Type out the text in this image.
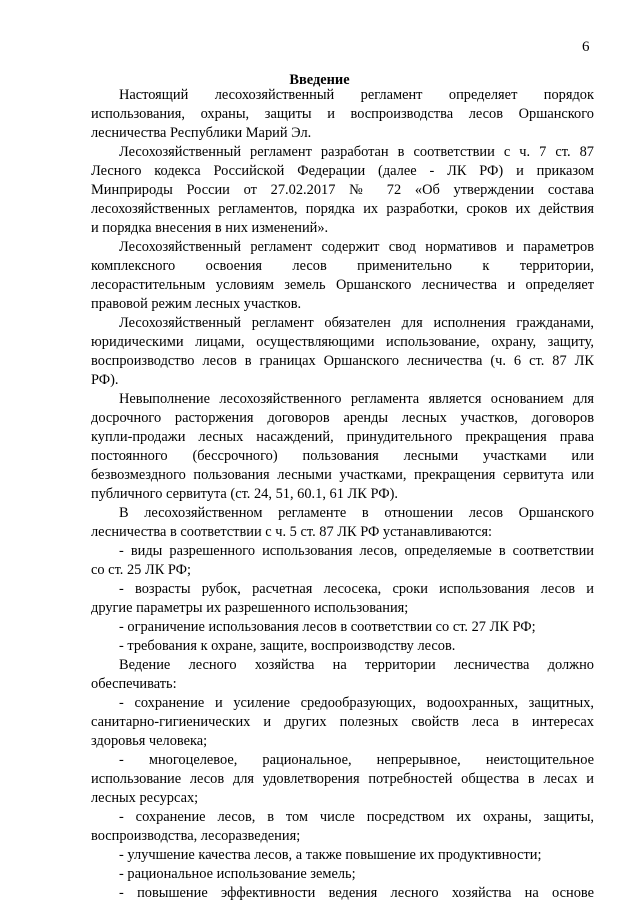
6
Введение
Настоящий лесохозяйственный регламент определяет порядок
использования, охраны, защиты и воспроизводства лесов Оршанского
лесничества Республики Марий Эл.
Лесохозяйственный регламент разработан в соответствии с ч. 7 ст. 87
Лесного кодекса Российской Федерации (далее - ЛК РФ) и приказом
Минприроды России от 27.02.2017 № 72 «Об утверждении состава
лесохозяйственных регламентов, порядка их разработки, сроков их действия
и порядка внесения в них изменений».
Лесохозяйственный регламент содержит свод нормативов и параметров
комплексного освоения лесов применительно к территории,
лесорастительным условиям земель Оршанского лесничества и определяет
правовой режим лесных участков.
Лесохозяйственный регламент обязателен для исполнения гражданами,
юридическими лицами, осуществляющими использование, охрану, защиту,
воспроизводство лесов в границах Оршанского лесничества (ч. 6 ст. 87 ЛК
РФ).
Невыполнение лесохозяйственного регламента является основанием для
досрочного расторжения договоров аренды лесных участков, договоров
купли-продажи лесных насаждений, принудительного прекращения права
постоянного (бессрочного) пользования лесными участками или
безвозмездного пользования лесными участками, прекращения сервитута или
публичного сервитута (ст. 24, 51, 60.1, 61 ЛК РФ).
В лесохозяйственном регламенте в отношении лесов Оршанского
лесничества в соответствии с ч. 5 ст. 87 ЛК РФ устанавливаются:
- виды разрешенного использования лесов, определяемые в соответствии
со ст. 25 ЛК РФ;
- возрасты рубок, расчетная лесосека, сроки использования лесов и
другие параметры их разрешенного использования;
- ограничение использования лесов в соответствии со ст. 27 ЛК РФ;
- требования к охране, защите, воспроизводству лесов.
Ведение лесного хозяйства на территории лесничества должно
обеспечивать:
- сохранение и усиление средообразующих, водоохранных, защитных,
санитарно-гигиенических и других полезных свойств леса в интересах
здоровья человека;
- многоцелевое, рациональное, непрерывное, неистощительное
использование лесов для удовлетворения потребностей общества в лесах и
лесных ресурсах;
- сохранение лесов, в том числе посредством их охраны, защиты,
воспроизводства, лесоразведения;
- улучшение качества лесов, а также повышение их продуктивности;
- рациональное использование земель;
- повышение эффективности ведения лесного хозяйства на основе
